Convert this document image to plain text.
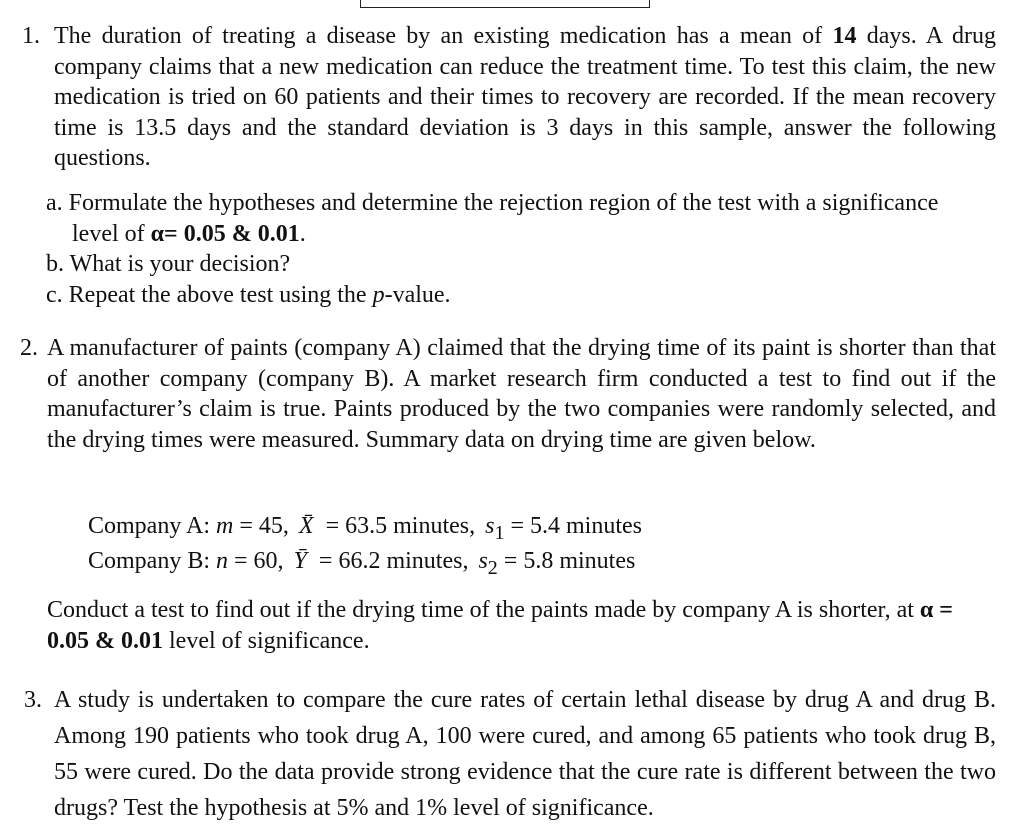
1. The duration of treating a disease by an existing medication has a mean of 14 days. A drug company claims that a new medication can reduce the treatment time. To test this claim, the new medication is tried on 60 patients and their times to recovery are recorded. If the mean recovery time is 13.5 days and the standard deviation is 3 days in this sample, answer the following questions.

a. Formulate the hypotheses and determine the rejection region of the test with a significance level of α= 0.05 & 0.01.

b. What is your decision?

c. Repeat the above test using the p-value.

2. A manufacturer of paints (company A) claimed that the drying time of its paint is shorter than that of another company (company B). A market research firm conducted a test to find out if the manufacturer’s claim is true. Paints produced by the two companies were randomly selected, and the drying times were measured. Summary data on drying time are given below.
Company A: m = 45, X̄ = 63.5 minutes, $s_1 = 5.4$ minutes
Company B: n = 60, Ȳ = 66.2 minutes, $s_2 = 5.8$ minutes
Conduct a test to find out if the drying time of the paints made by company A is shorter, at α = 0.05 & 0.01 level of significance.
3. A study is undertaken to compare the cure rates of certain lethal disease by drug A and drug B. Among 190 patients who took drug A, 100 were cured, and among 65 patients who took drug B, 55 were cured. Do the data provide strong evidence that the cure rate is different between the two drugs? Test the hypothesis at 5% and 1% level of significance.
